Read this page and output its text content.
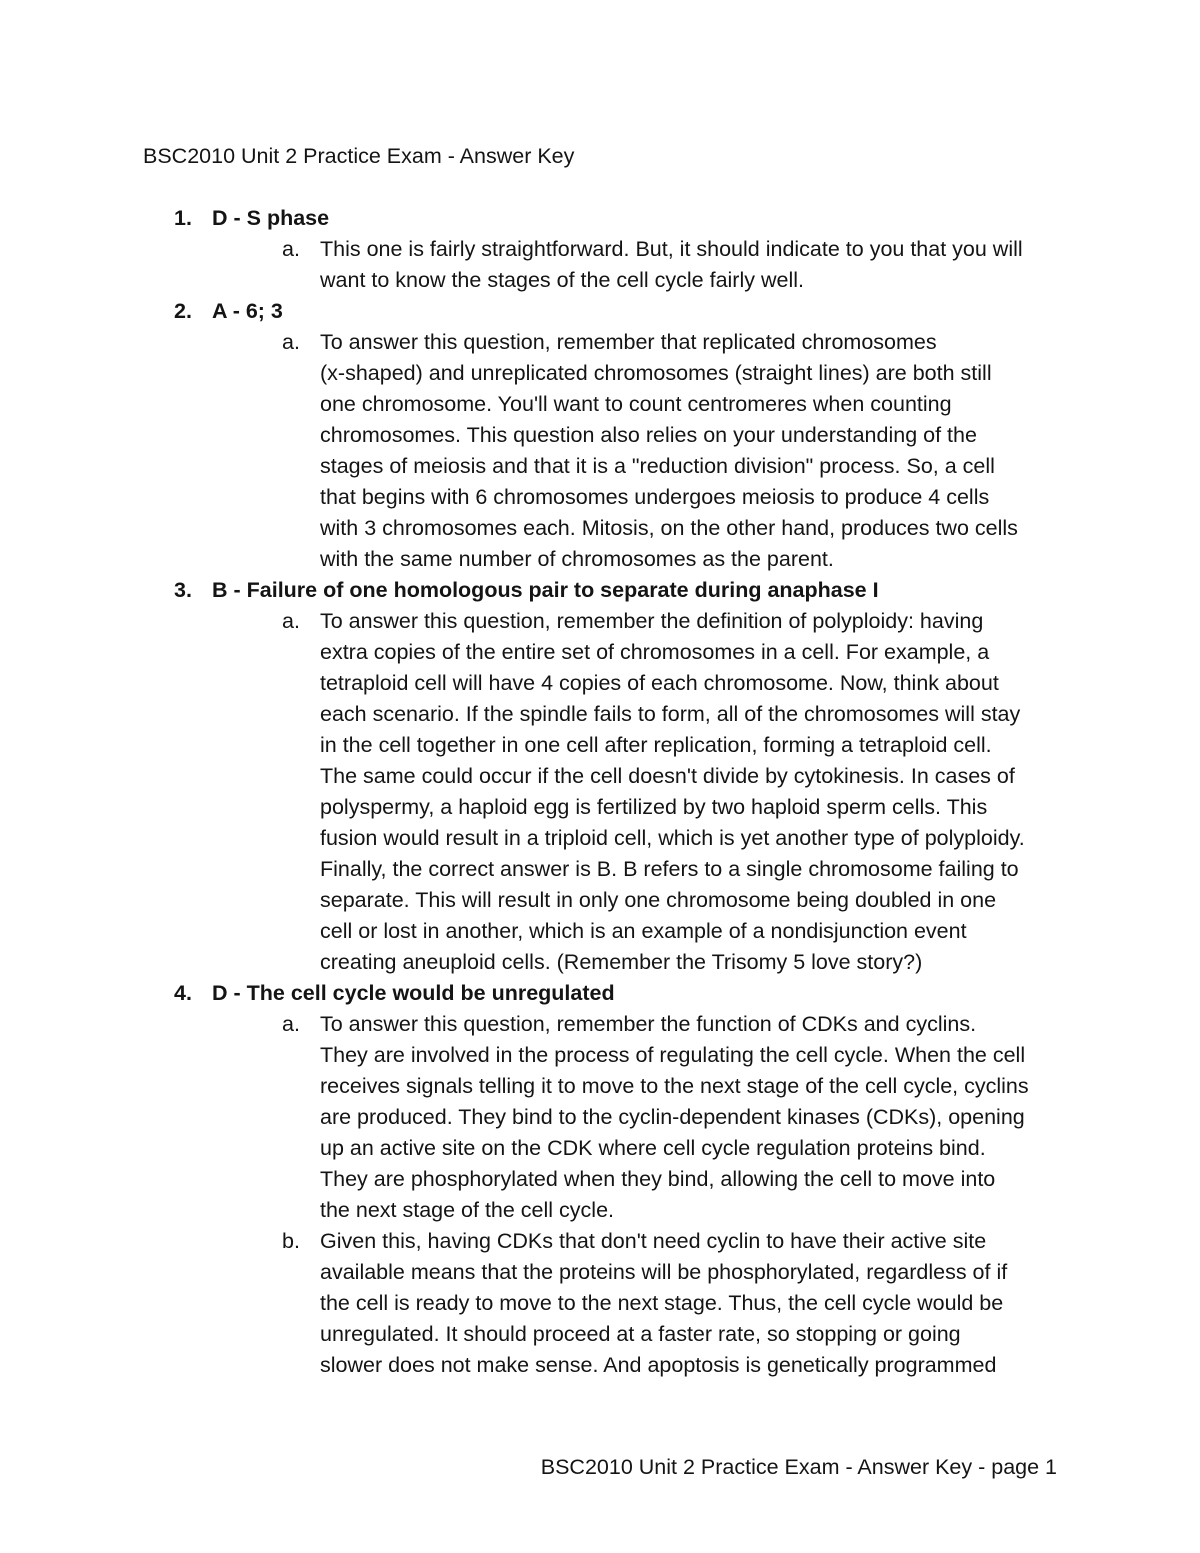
BSC2010 Unit 2 Practice Exam - Answer Key
1. D - S phase
a. This one is fairly straightforward. But, it should indicate to you that you will
want to know the stages of the cell cycle fairly well.
2. A - 6; 3
a. To answer this question, remember that replicated chromosomes
(x-shaped) and unreplicated chromosomes (straight lines) are both still
one chromosome. You'll want to count centromeres when counting
chromosomes. This question also relies on your understanding of the
stages of meiosis and that it is a "reduction division" process. So, a cell
that begins with 6 chromosomes undergoes meiosis to produce 4 cells
with 3 chromosomes each. Mitosis, on the other hand, produces two cells
with the same number of chromosomes as the parent.
3. B - Failure of one homologous pair to separate during anaphase I
a. To answer this question, remember the definition of polyploidy: having
extra copies of the entire set of chromosomes in a cell. For example, a
tetraploid cell will have 4 copies of each chromosome. Now, think about
each scenario. If the spindle fails to form, all of the chromosomes will stay
in the cell together in one cell after replication, forming a tetraploid cell.
The same could occur if the cell doesn't divide by cytokinesis. In cases of
polyspermy, a haploid egg is fertilized by two haploid sperm cells. This
fusion would result in a triploid cell, which is yet another type of polyploidy.
Finally, the correct answer is B. B refers to a single chromosome failing to
separate. This will result in only one chromosome being doubled in one
cell or lost in another, which is an example of a nondisjunction event
creating aneuploid cells. (Remember the Trisomy 5 love story?)
4. D - The cell cycle would be unregulated
a. To answer this question, remember the function of CDKs and cyclins.
They are involved in the process of regulating the cell cycle. When the cell
receives signals telling it to move to the next stage of the cell cycle, cyclins
are produced. They bind to the cyclin-dependent kinases (CDKs), opening
up an active site on the CDK where cell cycle regulation proteins bind.
They are phosphorylated when they bind, allowing the cell to move into
the next stage of the cell cycle.
b. Given this, having CDKs that don't need cyclin to have their active site
available means that the proteins will be phosphorylated, regardless of if
the cell is ready to move to the next stage. Thus, the cell cycle would be
unregulated. It should proceed at a faster rate, so stopping or going
slower does not make sense. And apoptosis is genetically programmed
BSC2010 Unit 2 Practice Exam - Answer Key - page 1
